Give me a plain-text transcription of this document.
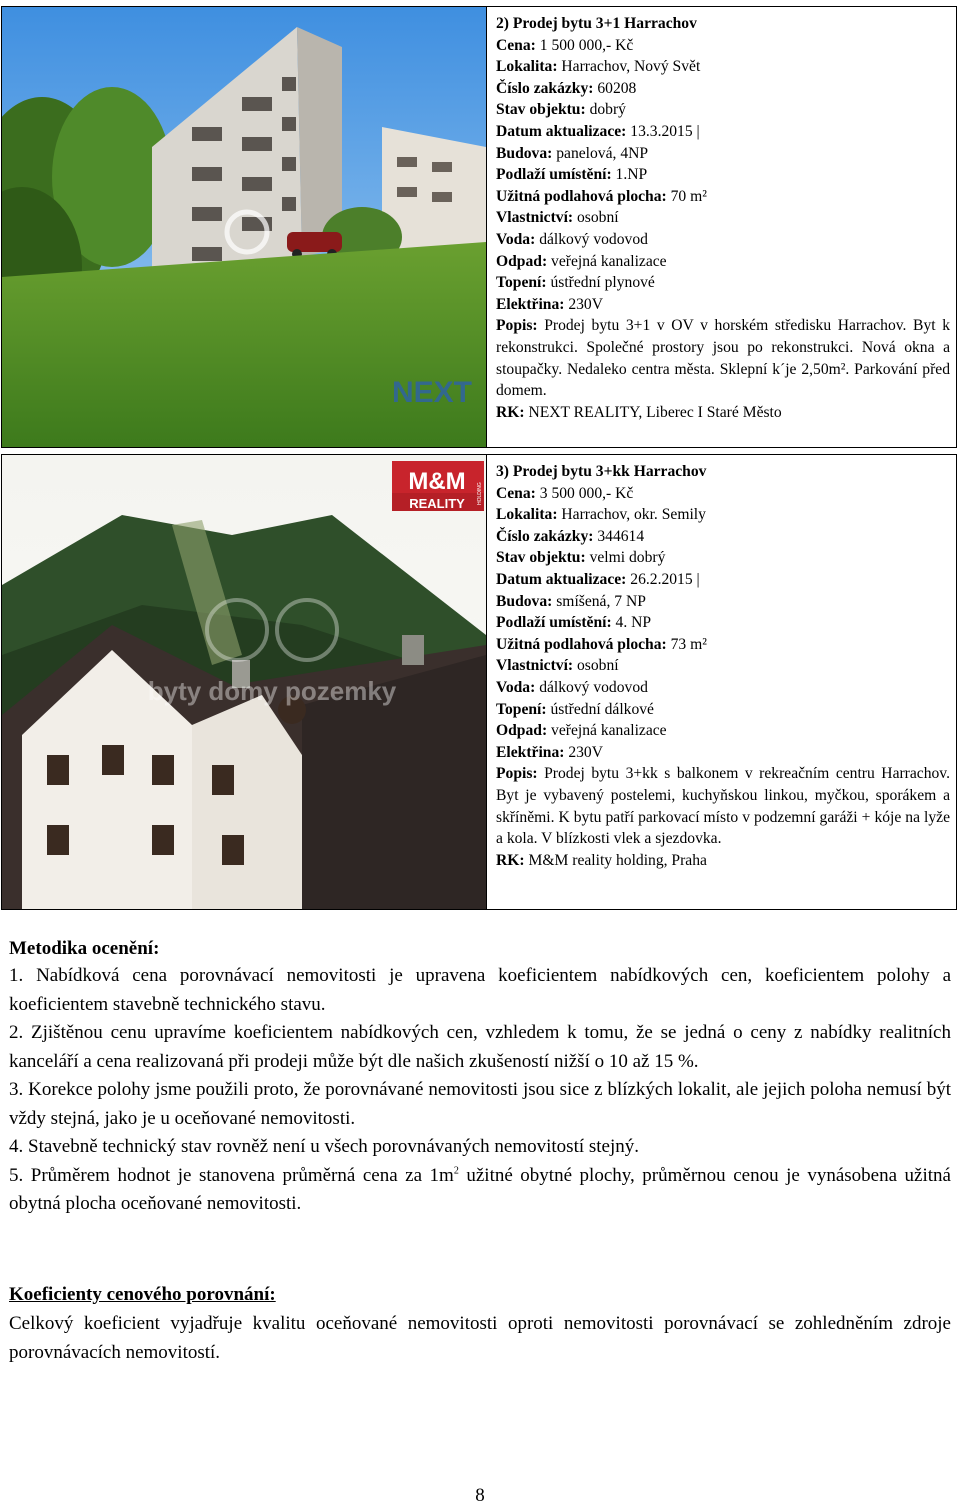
NEXT

2) Prodej bytu 3+1 Harrachov

Cena: 1 500 000,- Kč

Lokalita: Harrachov, Nový Svět

Číslo zakázky: 60208

Stav objektu: dobrý

Datum aktualizace: 13.3.2015 |

Budova: panelová, 4NP

Podlaží umístění: 1.NP

Užitná podlahová plocha: 70 m²

Vlastnictví: osobní

Voda: dálkový vodovod

Odpad: veřejná kanalizace

Topení: ústřední plynové

Elektřina: 230V

Popis: Prodej bytu 3+1 v OV v horském středisku Harrachov. Byt k rekonstrukci. Společné prostory jsou po rekonstrukci. Nová okna a stoupačky. Nedaleko centra města. Sklepní k´je 2,50m². Parkování před domem.

RK: NEXT REALITY, Liberec I Staré Město

M&M
REALITY HOLDING
byty domy pozemky

3) Prodej bytu 3+kk Harrachov

Cena: 3 500 000,- Kč

Lokalita: Harrachov, okr. Semily

Číslo zakázky: 344614

Stav objektu: velmi dobrý

Datum aktualizace: 26.2.2015 |

Budova: smíšená, 7 NP

Podlaží umístění: 4. NP

Užitná podlahová plocha: 73 m²

Vlastnictví: osobní

Voda: dálkový vodovod

Topení: ústřední dálkové

Odpad: veřejná kanalizace

Elektřina: 230V

Popis: Prodej bytu 3+kk s balkonem v rekreačním centru Harrachov. Byt je vybavený postelemi, kuchyňskou linkou, myčkou, sporákem a skříněmi. K bytu patří parkovací místo v podzemní garáži + kóje na lyže a kola. V blízkosti vlek a sjezdovka.

RK: M&M reality holding, Praha

Metodika ocenění:

1. Nabídková cena porovnávací nemovitosti je upravena koeficientem nabídkových cen, koeficientem polohy a koeficientem stavebně technického stavu.

2. Zjištěnou cenu upravíme koeficientem nabídkových cen, vzhledem k tomu, že se jedná o ceny z nabídky realitních kanceláří a cena realizovaná při prodeji může být dle našich zkušeností nižší o 10 až 15 %.

3. Korekce polohy jsme použili proto, že porovnávané nemovitosti jsou sice z blízkých lokalit, ale jejich poloha nemusí být vždy stejná, jako je u oceňované nemovitosti.

4. Stavebně technický stav rovněž není u všech porovnávaných nemovitostí stejný.

5. Průměrem hodnot je stanovena průměrná cena za $1m^2$ užitné obytné plochy, průměrnou cenou je vynásobena užitná obytná plocha oceňované nemovitosti.

Koeficienty cenového porovnání:

Celkový koeficient vyjadřuje kvalitu oceňované nemovitosti oproti nemovitosti porovnávací se zohledněním zdroje porovnávacích nemovitostí.

8
